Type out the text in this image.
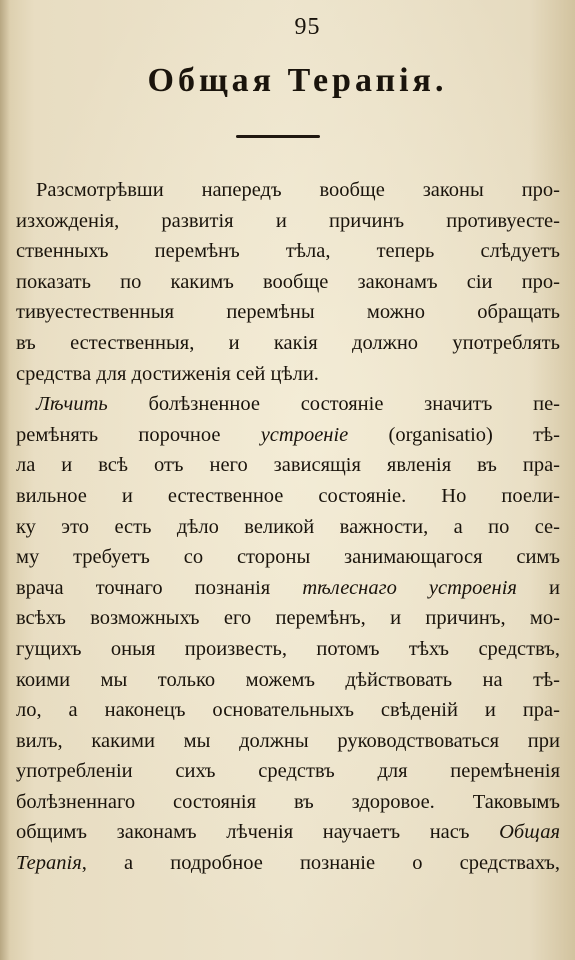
95
Общая Терапія.
Разсмотрѣвши напередъ вообще законы про-
изхожденія, развитія и причинъ противуесте-
ственныхъ перемѣнъ тѣла, теперь слѣдуетъ
показать по какимъ вообще законамъ сіи про-
тивуестественныя перемѣны можно обращать
въ естественныя, и какія должно употреблять
средства для достиженія сей цѣли.
Лѣчить болѣзненное состояніе значитъ пе-
ремѣнять порочное устроеніе (organisatio) тѣ-
ла и всѣ отъ него зависящія явленія въ пра-
вильное и естественное состояніе. Но поели-
ку это есть дѣло великой важности, а по се-
му требуетъ со стороны занимающагося симъ
врача точнаго познанія тѣлеснаго устроенія и
всѣхъ возможныхъ его перемѣнъ, и причинъ, мо-
гущихъ оныя произвесть, потомъ тѣхъ средствъ,
коими мы только можемъ дѣйствовать на тѣ-
ло, а наконецъ основательныхъ свѣденій и пра-
вилъ, какими мы должны руководствоваться при
употребленіи сихъ средствъ для перемѣненія
болѣзненнаго состоянія въ здоровое. Таковымъ
общимъ законамъ лѣченія научаетъ насъ Общая
Терапія, а подробное познаніе о средствахъ,
